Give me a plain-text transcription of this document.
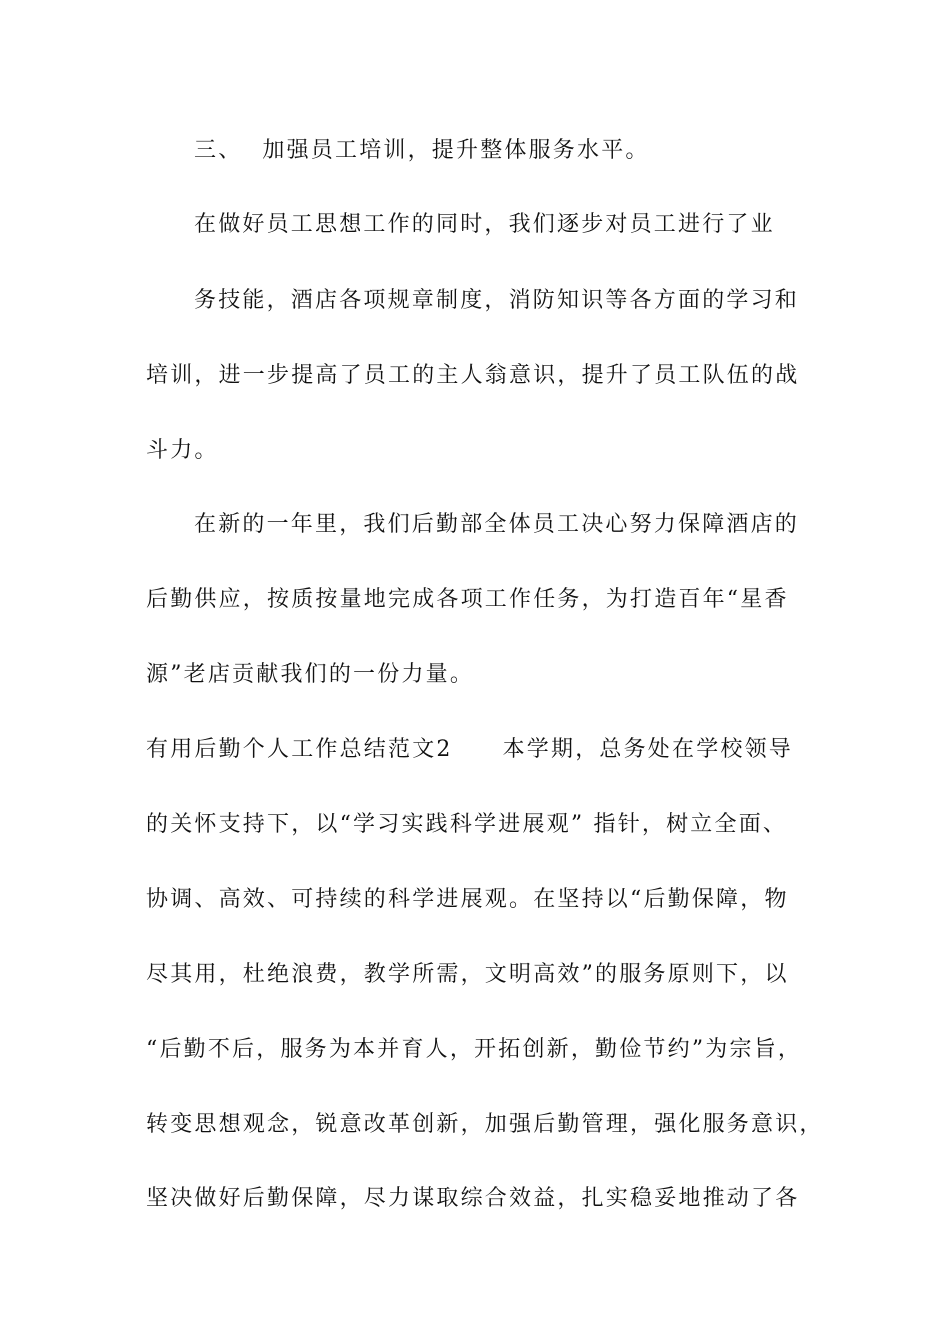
三、 加强员工培训，提升整体服务水平。
在做好员工思想工作的同时，我们逐步对员工进行了业
务技能，酒店各项规章制度，消防知识等各方面的学习和
培训，进一步提高了员工的主人翁意识，提升了员工队伍的战
斗力。
在新的一年里，我们后勤部全体员工决心努力保障酒店的
后勤供应，按质按量地完成各项工作任务，为打造百年“星香
源”老店贡献我们的一份力量。
有用后勤个人工作总结范文2 本学期，总务处在学校领导
的关怀支持下，以“学习实践科学进展观” 指针，树立全面、
协调、高效、可持续的科学进展观。在坚持以“后勤保障，物
尽其用，杜绝浪费，教学所需，文明高效”的服务原则下，以
“后勤不后，服务为本并育人，开拓创新，勤俭节约”为宗旨，
转变思想观念，锐意改革创新，加强后勤管理，强化服务意识，
坚决做好后勤保障，尽力谋取综合效益，扎实稳妥地推动了各
